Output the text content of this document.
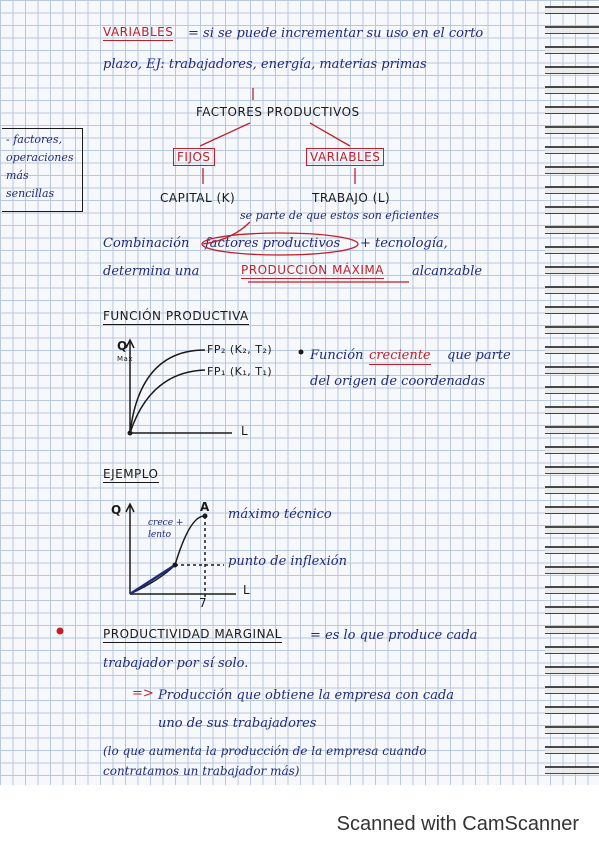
- factores,
operaciones
más
sencillas
VARIABLES = si se puede incrementar su uso en el corto
plazo, EJ: trabajadores, energía, materias primas
FACTORES PRODUCTIVOS
FIJOS	VARIABLES
CAPITAL (K)	TRABAJO (L)
se parte de que estos son eficientes
Combinación factores productivos + tecnología,
determina una	PRODUCCIÓN MÁXIMA alcanzable
FUNCIÓN PRODUCTIVA
Q
Max
FP₂ (K₂, T₂)
FP₁ (K₁, T₁)
L
Función creciente que parte
del origen de coordenadas
EJEMPLO
Q	A máximo técnico
crece +
lento
punto de inflexión
L
7
PRODUCTIVIDAD MARGINAL = es lo que produce cada
trabajador por sí solo.
=> Producción que obtiene la empresa con cada
uno de sus trabajadores
(lo que aumenta la producción de la empresa cuando
contratamos un trabajador más)
Scanned with CamScanner
